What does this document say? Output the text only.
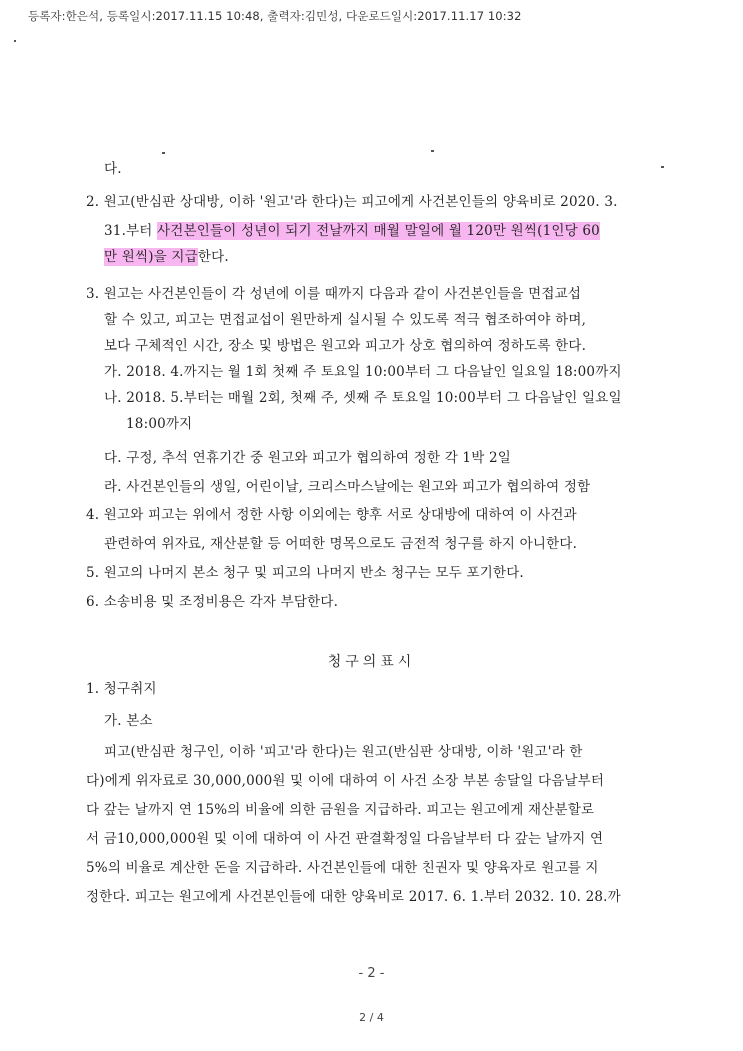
등록자:한은석, 등록일시:2017.11.15 10:48, 출력자:김민성, 다운로드일시:2017.11.17 10:32
다.
2. 원고(반심판 상대방, 이하 '원고'라 한다)는 피고에게 사건본인들의 양육비로 2020. 3.
31.부터 사건본인들이 성년이 되기 전날까지 매월 말일에 월 120만 원씩(1인당 60
만 원씩)을 지급한다.
3. 원고는 사건본인들이 각 성년에 이를 때까지 다음과 같이 사건본인들을 면접교섭
할 수 있고, 피고는 면접교섭이 원만하게 실시될 수 있도록 적극 협조하여야 하며,
보다 구체적인 시간, 장소 및 방법은 원고와 피고가 상호 협의하여 정하도록 한다.
가. 2018. 4.까지는 월 1회 첫째 주 토요일 10:00부터 그 다음날인 일요일 18:00까지
나. 2018. 5.부터는 매월 2회, 첫째 주, 셋째 주 토요일 10:00부터 그 다음날인 일요일
18:00까지
다. 구정, 추석 연휴기간 중 원고와 피고가 협의하여 정한 각 1박 2일
라. 사건본인들의 생일, 어린이날, 크리스마스날에는 원고와 피고가 협의하여 정함
4. 원고와 피고는 위에서 정한 사항 이외에는 향후 서로 상대방에 대하여 이 사건과
관련하여 위자료, 재산분할 등 어떠한 명목으로도 금전적 청구를 하지 아니한다.
5. 원고의 나머지 본소 청구 및 피고의 나머지 반소 청구는 모두 포기한다.
6. 소송비용 및 조정비용은 각자 부담한다.
청구의표시
1. 청구취지
가. 본소
피고(반심판 청구인, 이하 '피고'라 한다)는 원고(반심판 상대방, 이하 '원고'라 한
다)에게 위자료로 30,000,000원 및 이에 대하여 이 사건 소장 부본 송달일 다음날부터
다 갚는 날까지 연 15%의 비율에 의한 금원을 지급하라. 피고는 원고에게 재산분할로
서 금10,000,000원 및 이에 대하여 이 사건 판결확정일 다음날부터 다 갚는 날까지 연
5%의 비율로 계산한 돈을 지급하라. 사건본인들에 대한 친권자 및 양육자로 원고를 지
정한다. 피고는 원고에게 사건본인들에 대한 양육비로 2017. 6. 1.부터 2032. 10. 28.까
- 2 -
2 / 4
